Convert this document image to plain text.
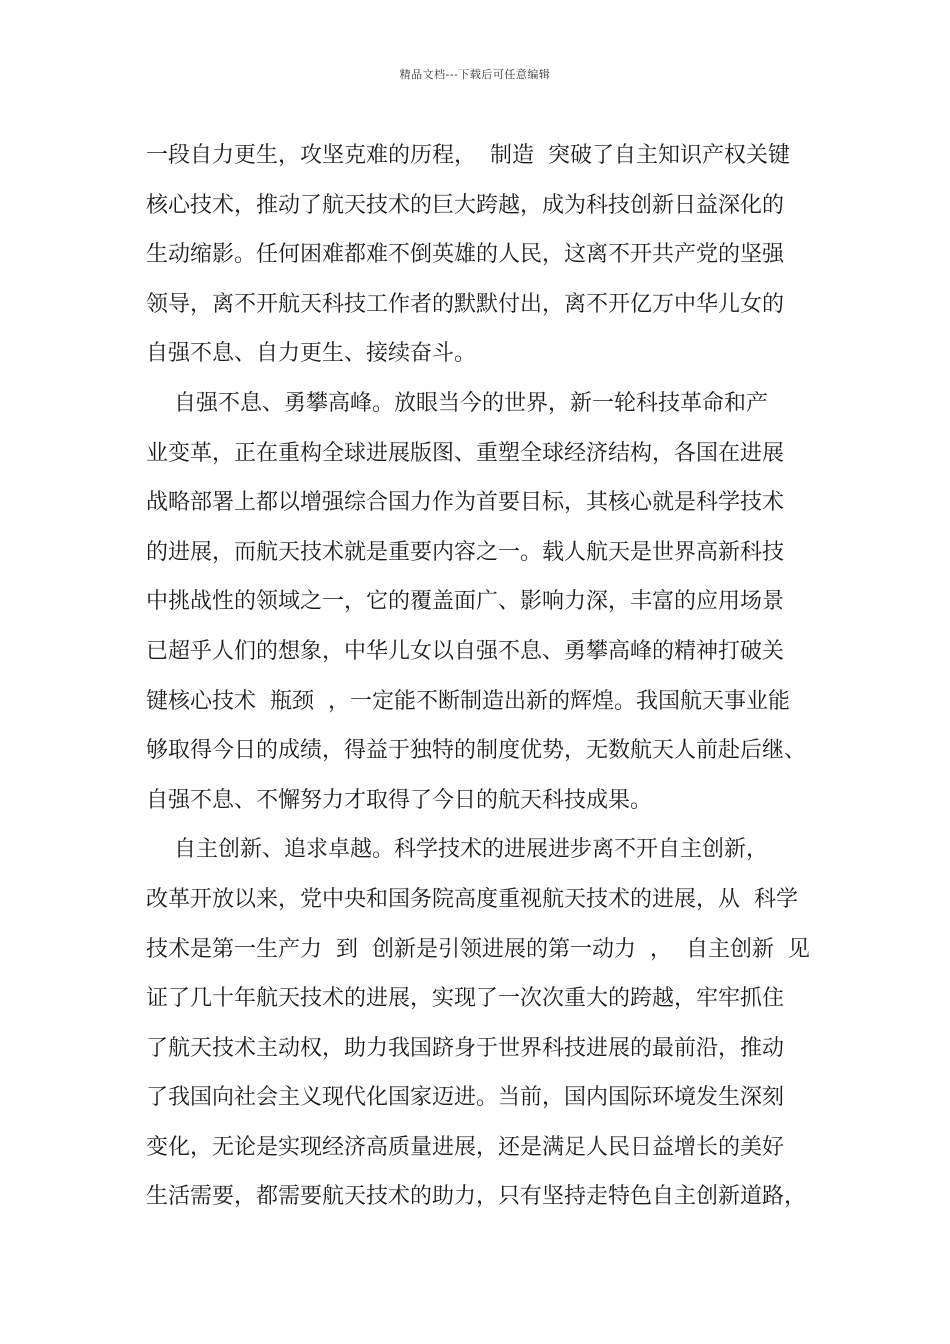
精品文档---下载后可任意编辑
一段自力更生，攻坚克难的历程，  制造  突破了自主知识产权关键
核心技术，推动了航天技术的巨大跨越，成为科技创新日益深化的
生动缩影。任何困难都难不倒英雄的人民，这离不开共产党的坚强
领导，离不开航天科技工作者的默默付出，离不开亿万中华儿女的
自强不息、自力更生、接续奋斗。
自强不息、勇攀高峰。放眼当今的世界，新一轮科技革命和产
业变革，正在重构全球进展版图、重塑全球经济结构，各国在进展
战略部署上都以增强综合国力作为首要目标，其核心就是科学技术
的进展，而航天技术就是重要内容之一。载人航天是世界高新科技
中挑战性的领域之一，它的覆盖面广、影响力深，丰富的应用场景
已超乎人们的想象，中华儿女以自强不息、勇攀高峰的精神打破关
键核心技术  瓶颈  ，一定能不断制造出新的辉煌。我国航天事业能
够取得今日的成绩，得益于独特的制度优势，无数航天人前赴后继、
自强不息、不懈努力才取得了今日的航天科技成果。
自主创新、追求卓越。科学技术的进展进步离不开自主创新，
改革开放以来，党中央和国务院高度重视航天技术的进展，从  科学
技术是第一生产力  到  创新是引领进展的第一动力  ，  自主创新  见
证了几十年航天技术的进展，实现了一次次重大的跨越，牢牢抓住
了航天技术主动权，助力我国跻身于世界科技进展的最前沿，推动
了我国向社会主义现代化国家迈进。当前，国内国际环境发生深刻
变化，无论是实现经济高质量进展，还是满足人民日益增长的美好
生活需要，都需要航天技术的助力，只有坚持走特色自主创新道路，
